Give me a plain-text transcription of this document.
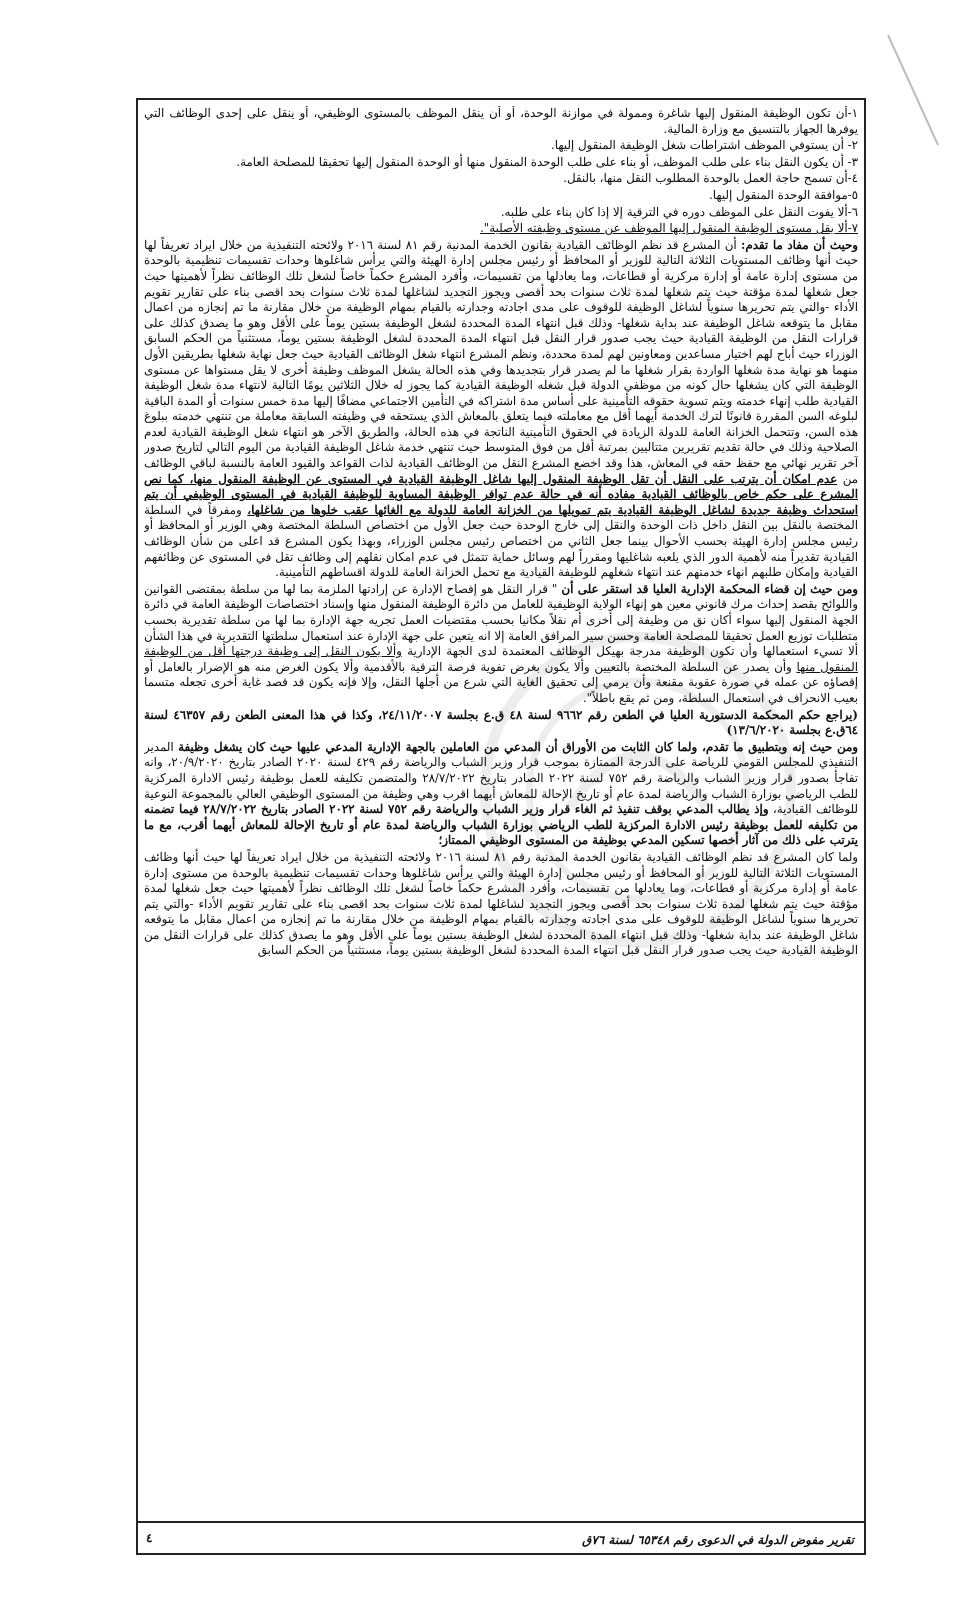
١-أن تكون الوظيفة المنقول إليها شاغرة وممولة في موازنة الوحدة، أو أن ينقل الموظف بالمستوى الوظيفي، أو ينقل على إحدى الوظائف التي يوفرها الجهاز بالتنسيق مع وزارة المالية.

٢- أن يستوفي الموظف اشتراطات شغل الوظيفة المنقول إليها.

٣- أن يكون النقل بناء على طلب الموظف، أو بناء على طلب الوحدة المنقول منها أو الوحدة المنقول إليها تحقيقا للمصلحة العامة.

٤-أن تسمح حاجة العمل بالوحدة المطلوب النقل منها، بالنقل.

٥-موافقة الوحدة المنقول إليها.

٦-ألا يفوت النقل على الموظف دوره في الترقية إلا إذا كان بناء على طلبه.

٧-ألا يقل مستوى الوظيفة المنقول إليها الموظف عن مستوى وظيفته الأصلية".

وحيث أن مفاد ما تقدم: أن المشرع قد نظم الوظائف القيادية بقانون الخدمة المدنية رقم ٨١ لسنة ٢٠١٦ ولائحته التنفيذية من خلال ايراد تعريفاً لها حيث أنها وظائف المستويات الثلاثة التالية للوزير أو المحافظ أو رئيس مجلس إدارة الهيئة والتي يرأس شاغلوها وحدات تقسيمات تنظيمية بالوحدة من مستوى إدارة عامة أو إدارة مركزية أو قطاعات، وما يعادلها من تقسيمات، وأفرد المشرع حكماً خاصاً لشغل تلك الوظائف نظراً لأهميتها حيث جعل شغلها لمدة مؤقتة حيث يتم شغلها لمدة ثلاث سنوات بحد أقصى ويجوز التجديد لشاغلها لمدة ثلاث سنوات بحد اقصى بناء على تقارير تقويم الأداء -والتي يتم تحريرها سنوياً لشاغل الوظيفة للوقوف على مدى اجادته وجدارته بالقيام بمهام الوظيفة من خلال مقارنة ما تم إنجازه من اعمال مقابل ما يتوقعه شاغل الوظيفة عند بداية شغلها- وذلك قبل انتهاء المدة المحددة لشغل الوظيفة بستين يوماً على الأقل وهو ما يصدق كذلك على قرارات النقل من الوظيفة القيادية حيث يجب صدور قرار النقل قبل انتهاء المدة المحددة لشغل الوظيفة بستين يوماً، مستثنياً من الحكم السابق الوزراء حيث أباح لهم اختيار مساعدين ومعاونين لهم لمدة محددة، ونظم المشرع انتهاء شغل الوظائف القيادية حيث جعل نهاية شغلها بطريقين الأول منهما هو نهاية مدة شغلها الواردة بقرار شغلها ما لم يصدر قرار بتجديدها وفي هذه الحالة يشغل الموظف وظيفة أخرى لا يقل مستواها عن مستوى الوظيفة التي كان يشغلها حال كونه من موظفي الدولة قبل شغله الوظيفة القيادية كما يجوز له خلال الثلاثين يومًا التالية لانتهاء مدة شغل الوظيفة القيادية طلب إنهاء خدمته ويتم تسوية حقوقه التأمينية على أساس مدة اشتراكه في التأمين الاجتماعي مضافًا إليها مدة خمس سنوات أو المدة الباقية لبلوغه السن المقررة قانونًا لترك الخدمة أيهما أقل مع معاملته فيما يتعلق بالمعاش الذي يستحقه في وظيفته السابقة معاملة من تنتهي خدمته ببلوغ هذه السن، وتتحمل الخزانة العامة للدولة الزيادة في الحقوق التأمينية الناتجة في هذه الحالة، والطريق الآخر هو انتهاء شغل الوظيفة القيادية لعدم الصلاحية وذلك في حالة تقديم تقريرين متتاليين بمرتبة أقل من فوق المتوسط حيث تنتهي خدمة شاغل الوظيفة القيادية من اليوم التالي لتاريخ صدور آخر تقرير نهائي مع حفظ حقه في المعاش، هذا وقد اخضع المشرع النقل من الوظائف القيادية لذات القواعد والقيود العامة بالنسبة لباقي الوظائف من عدم امكان أن يترتب على النقل أن تقل الوظيفة المنقول إليها شاغل الوظيفة القيادية في المستوى عن الوظيفة المنقول منها، كما نص المشرع على حكم خاص بالوظائف القيادية مفاده أنه في حالة عدم توافر الوظيفة المساوية للوظيفة القيادية في المستوى الوظيفي أن يتم استحداث وظيفة جديدة لشاغل الوظيفة القيادية يتم تمويلها من الخزانة العامة للدولة مع الغائها عقب خلوها من شاغلها، ومفرقاً في السلطة المختصة بالنقل بين النقل داخل ذات الوحدة والنقل إلى خارج الوحدة حيث جعل الأول من اختصاص السلطة المختصة وهي الوزير أو المحافظ أو رئيس مجلس إدارة الهيئة بحسب الأحوال بينما جعل الثاني من اختصاص رئيس مجلس الوزراء، وبهذا يكون المشرع قد اعلى من شأن الوظائف القيادية تقديراً منه لأهمية الدور الذي يلعبه شاغليها ومقرراً لهم وسائل حماية تتمثل في عدم امكان نقلهم إلى وظائف تقل في المستوى عن وظائفهم القيادية وإمكان طلبهم انهاء خدمتهم عند انتهاء شغلهم للوظيفة القيادية مع تحمل الخزانة العامة للدولة اقساطهم التأمينية.

ومن حيث إن قضاء المحكمة الإدارية العليا قد استقر على أن " قرار النقل هو إفصاح الإدارة عن إرادتها الملزمة بما لها من سلطة بمقتضى القوانين واللوائح بقصد إحداث مرك قانوني معين هو إنهاء الولاية الوظيفية للعامل من دائرة الوظيفة المنقول منها وإسناد اختصاصات الوظيفة العامة في دائرة الجهة المنقول إليها سواء أكان نق من وظيفة إلى أخرى أم نقلاً مكانيا بحسب مقتضيات العمل تجريه جهة الإدارة بما لها من سلطة تقديرية بحسب متطلبات توزيع العمل تحقيقا للمصلحة العامة وحسن سير المرافق العامة إلا انه يتعين على جهة الإدارة عند استعمال سلطتها التقديرية في هذا الشأن ألا تسيء استعمالها وأن تكون الوظيفة مدرجة بهيكل الوظائف المعتمدة لدى الجهة الإدارية وألا يكون النقل إلى وظيفة درجتها أقل من الوظيفة المنقول منها وأن يصدر عن السلطة المختصة بالتعيين وألا يكون بغرض تفوية فرصة الترقية بالأقدمية وألا يكون الغرض منه هو الإضرار بالعامل أو إقصاؤه عن عمله في صورة عقوبة مقنعة وأن يرمي إلى تحقيق الغاية التي شرع من أجلها النقل، وإلا فإنه يكون قد قصد غاية أخرى تجعله متسما بعيب الانحراف في استعمال السلطة، ومن ثم يقع باطلاً".

(يراجع حكم المحكمة الدستورية العليا في الطعن رقم ٩٦٦٢ لسنة ٤٨ ق.ع بجلسة ٢٤/١١/٢٠٠٧، وكذا في هذا المعنى الطعن رقم ٤٦٣٥٧ لسنة ٦٤ق.ع بجلسة ١٣/٦/٢٠٢٠)

ومن حيث إنه وبتطبيق ما تقدم، ولما كان الثابت من الأوراق أن المدعي من العاملين بالجهة الإدارية المدعي عليها حيث كان يشغل وظيفة المدير التنفيذي للمجلس القومي للرياضة على الدرجة الممتازة بموجب قرار وزير الشباب والرياضة رقم ٤٢٩ لسنة ٢٠٢٠ الصادر بتاريخ ٢٠/٩/٢٠٢٠، وانه تفاجأ بصدور قرار وزير الشباب والرياضة رقم ٧٥٢ لسنة ٢٠٢٢ الصادر بتاريخ ٢٨/٧/٢٠٢٢ والمتضمن تكليفه للعمل بوظيفة رئيس الادارة المركزية للطب الرياضي بوزارة الشباب والرياضة لمدة عام أو تاريخ الإحالة للمعاش أيهما اقرب وهي وظيفة من المستوى الوظيفي العالي بالمجموعة النوعية للوظائف القيادية، وإذ يطالب المدعي بوقف تنفيذ ثم الغاء قرار وزير الشباب والرياضة رقم ٧٥٢ لسنة ٢٠٢٢ الصادر بتاريخ ٢٨/٧/٢٠٢٢ فيما تضمنه من تكليفه للعمل بوظيفة رئيس الادارة المركزية للطب الرياضي بوزارة الشباب والرياضة لمدة عام أو تاريخ الإحالة للمعاش أيهما أقرب، مع ما يترتب على ذلك من آثار أخصها تسكين المدعي بوظيفة من المستوى الوظيفي الممتاز؛

ولما كان المشرع قد نظم الوظائف القيادية بقانون الخدمة المدنية رقم ٨١ لسنة ٢٠١٦ ولائحته التنفيذية من خلال ايراد تعريفاً لها حيث أنها وظائف المستويات الثلاثة التالية للوزير أو المحافظ أو رئيس مجلس إدارة الهيئة والتي يرأس شاغلوها وحدات تقسيمات تنظيمية بالوحدة من مستوى إدارة عامة أو إدارة مركزية أو قطاعات، وما يعادلها من تقسيمات، وأفرد المشرع حكماً خاصاً لشغل تلك الوظائف نظراً لأهميتها حيث جعل شغلها لمدة مؤقتة حيث يتم شغلها لمدة ثلاث سنوات بحد أقصى ويجوز التجديد لشاغلها لمدة ثلاث سنوات بحد اقصى بناء على تقارير تقويم الأداء -والتي يتم تحريرها سنوياً لشاغل الوظيفة للوقوف على مدى اجادته وجدارته بالقيام بمهام الوظيفة من خلال مقارنة ما تم إنجازه من اعمال مقابل ما يتوقعه شاغل الوظيفة عند بداية شغلها- وذلك قبل انتهاء المدة المحددة لشغل الوظيفة بستين يوماً على الأقل وهو ما يصدق كذلك على قرارات النقل من الوظيفة القيادية حيث يجب صدور قرار النقل قبل انتهاء المدة المحددة لشغل الوظيفة بستين يوماً، مستثنياً من الحكم السابق

٤	تقرير مفوض الدولة في الدعوى رقم ٦٥٣٤٨ لسنة ٧٦ق
